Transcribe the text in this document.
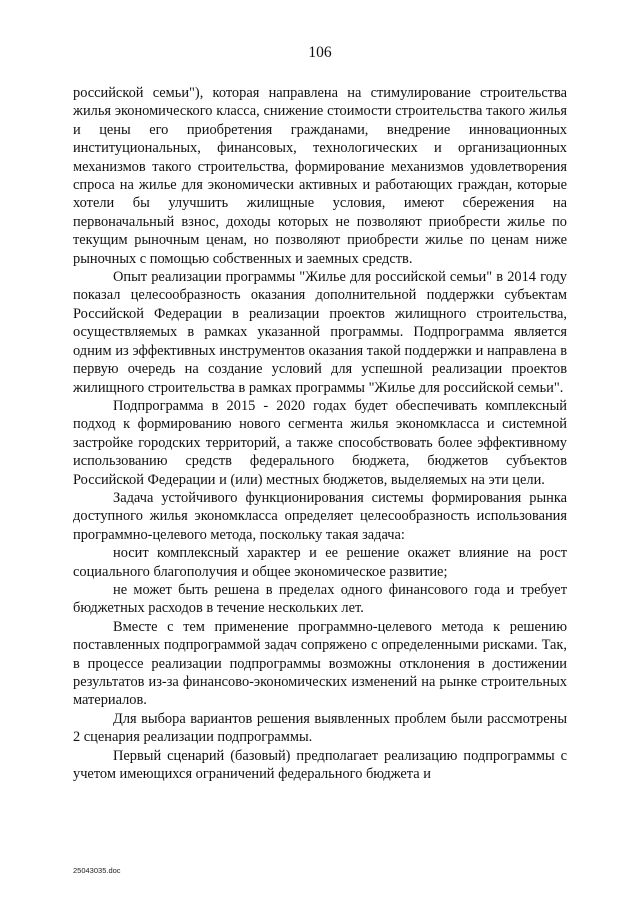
106

российской семьи"), которая направлена на стимулирование строительства жилья экономического класса, снижение стоимости строительства такого жилья и цены его приобретения гражданами, внедрение инновационных институциональных, финансовых, технологических и организационных механизмов такого строительства, формирование механизмов удовлетворения спроса на жилье для экономически активных и работающих граждан, которые хотели бы улучшить жилищные условия, имеют сбережения на первоначальный взнос, доходы которых не позволяют приобрести жилье по текущим рыночным ценам, но позволяют приобрести жилье по ценам ниже рыночных с помощью собственных и заемных средств.

Опыт реализации программы "Жилье для российской семьи" в 2014 году показал целесообразность оказания дополнительной поддержки субъектам Российской Федерации в реализации проектов жилищного строительства, осуществляемых в рамках указанной программы. Подпрограмма является одним из эффективных инструментов оказания такой поддержки и направлена в первую очередь на создание условий для успешной реализации проектов жилищного строительства в рамках программы "Жилье для российской семьи".

Подпрограмма в 2015 - 2020 годах будет обеспечивать комплексный подход к формированию нового сегмента жилья экономкласса и системной застройке городских территорий, а также способствовать более эффективному использованию средств федерального бюджета, бюджетов субъектов Российской Федерации и (или) местных бюджетов, выделяемых на эти цели.

Задача устойчивого функционирования системы формирования рынка доступного жилья экономкласса определяет целесообразность использования программно-целевого метода, поскольку такая задача:

носит комплексный характер и ее решение окажет влияние на рост социального благополучия и общее экономическое развитие;

не может быть решена в пределах одного финансового года и требует бюджетных расходов в течение нескольких лет.

Вместе с тем применение программно-целевого метода к решению поставленных подпрограммой задач сопряжено с определенными рисками. Так, в процессе реализации подпрограммы возможны отклонения в достижении результатов из-за финансово-экономических изменений на рынке строительных материалов.

Для выбора вариантов решения выявленных проблем были рассмотрены 2 сценария реализации подпрограммы.

Первый сценарий (базовый) предполагает реализацию подпрограммы с учетом имеющихся ограничений федерального бюджета и

25043035.doc
